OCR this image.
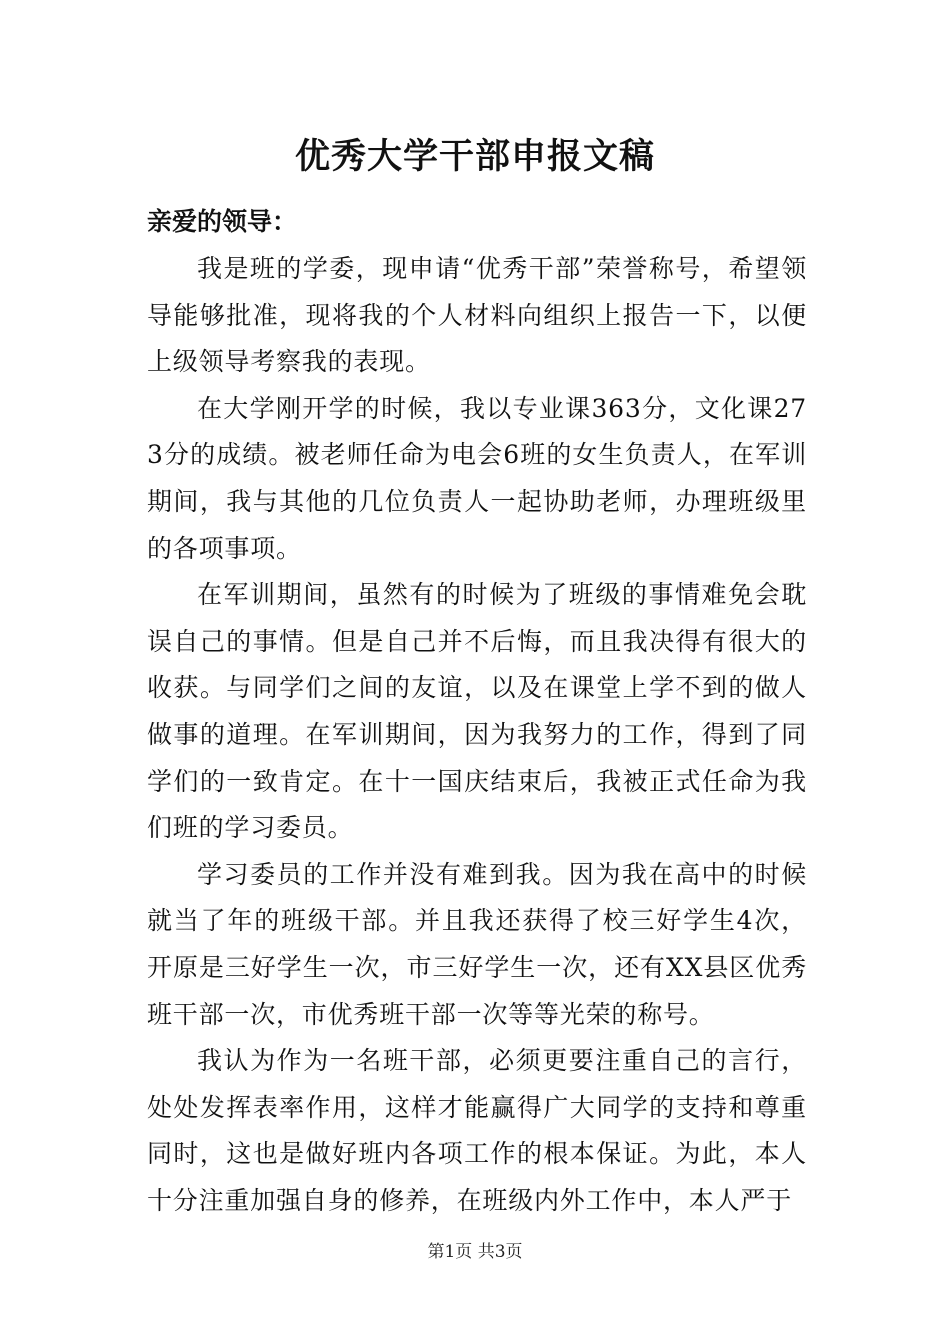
优秀大学干部申报文稿

亲爱的领导：

我是班的学委，现申请“优秀干部”荣誉称号，希望领导能够批准，现将我的个人材料向组织上报告一下，以便上级领导考察我的表现。

在大学刚开学的时候，我以专业课363分，文化课273分的成绩。被老师任命为电会6班的女生负责人，在军训期间，我与其他的几位负责人一起协助老师，办理班级里的各项事项。

在军训期间，虽然有的时候为了班级的事情难免会耽误自己的事情。但是自己并不后悔，而且我决得有很大的收获。与同学们之间的友谊，以及在课堂上学不到的做人做事的道理。在军训期间，因为我努力的工作，得到了同学们的一致肯定。在十一国庆结束后，我被正式任命为我们班的学习委员。

学习委员的工作并没有难到我。因为我在高中的时候就当了年的班级干部。并且我还获得了校三好学生4次，开原是三好学生一次，市三好学生一次，还有XX县区优秀班干部一次，市优秀班干部一次等等光荣的称号。

我认为作为一名班干部，必须更要注重自己的言行，处处发挥表率作用，这样才能赢得广大同学的支持和尊重同时，这也是做好班内各项工作的根本保证。为此，本人十分注重加强自身的修养，在班级内外工作中，本人严于

第1页 共3页
